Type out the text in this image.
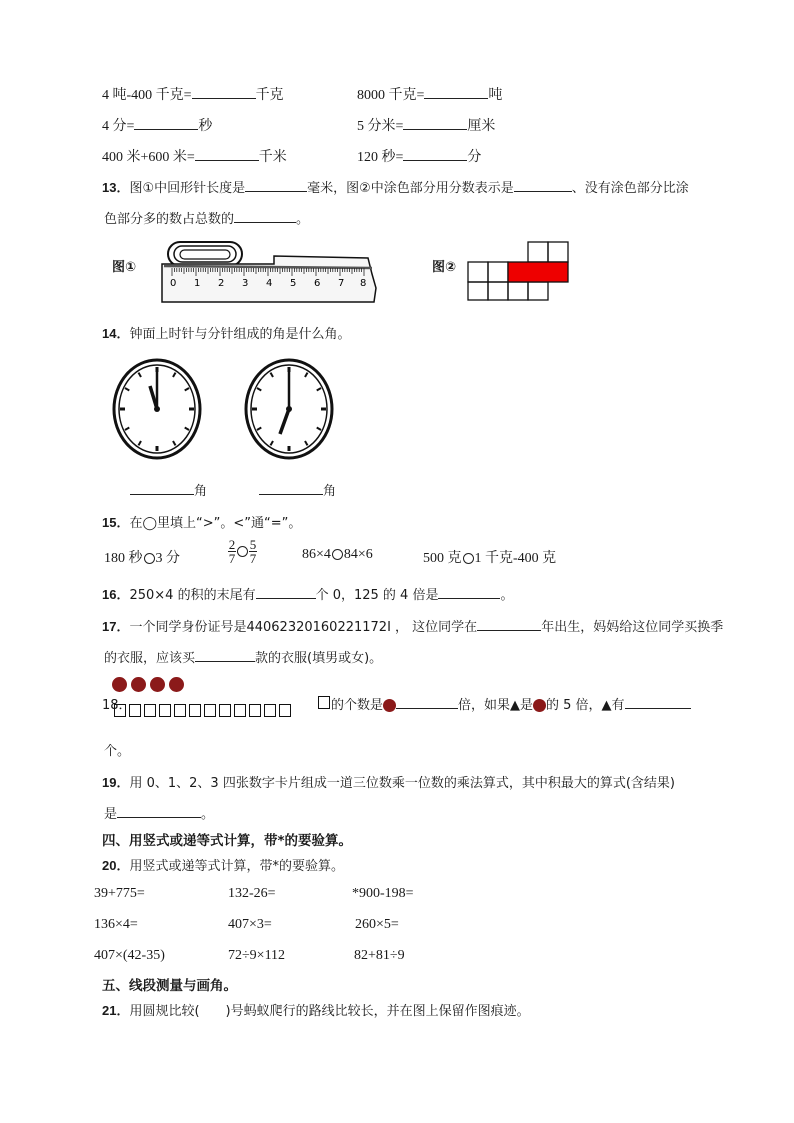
4 吨-400 千克=	千克	8000 千克=	吨
4 分=	秒	5 分米=	厘米
400 米+600 米=	千米	120 秒=	分
13．图①中回形针长度是	毫米，图②中涂色部分用分数表示是	、没有涂色部分比涂
色部分多的数占总数的	。
图①
0 1 2 3 4 5 6 7 8
图②
14．钟面上时针与分针组成的角是什么角。
角	角
15．在◯里填上“>”。<”通“=”。
180 秒 3 分	$\frac{2}{7} \frac{5}{7}$	86×4 84×6	500 克 1 千克-400 克
16．250×4 的积的末尾有	个 0，125 的 4 倍是	。
17．一个同学身份证号是440623201602211​72I ， 这位同学在	年出生，妈妈给这位同学买换季
的衣服，应该买	款的衣服(填男或女)。
18．	的个数是	倍，如果▲是 的 5 倍，▲有
个。
19．用 0、1、2、3 四张数字卡片组成一道三位数乘一位数的乘法算式，其中积最大的算式(含结果)
是	。
四、用竖式或递等式计算，带*的要验算。
20．用竖式或递等式计算，带*的要验算。
39+775=	132-26=	*900-198=
136×4=	407×3=	260×5=
407×(42-35)	72÷9×112	82+81÷9
五、线段测量与画角。
21．用圆规比较( )号蚂蚁爬行的路线比较长，并在图上保留作图痕迹。
